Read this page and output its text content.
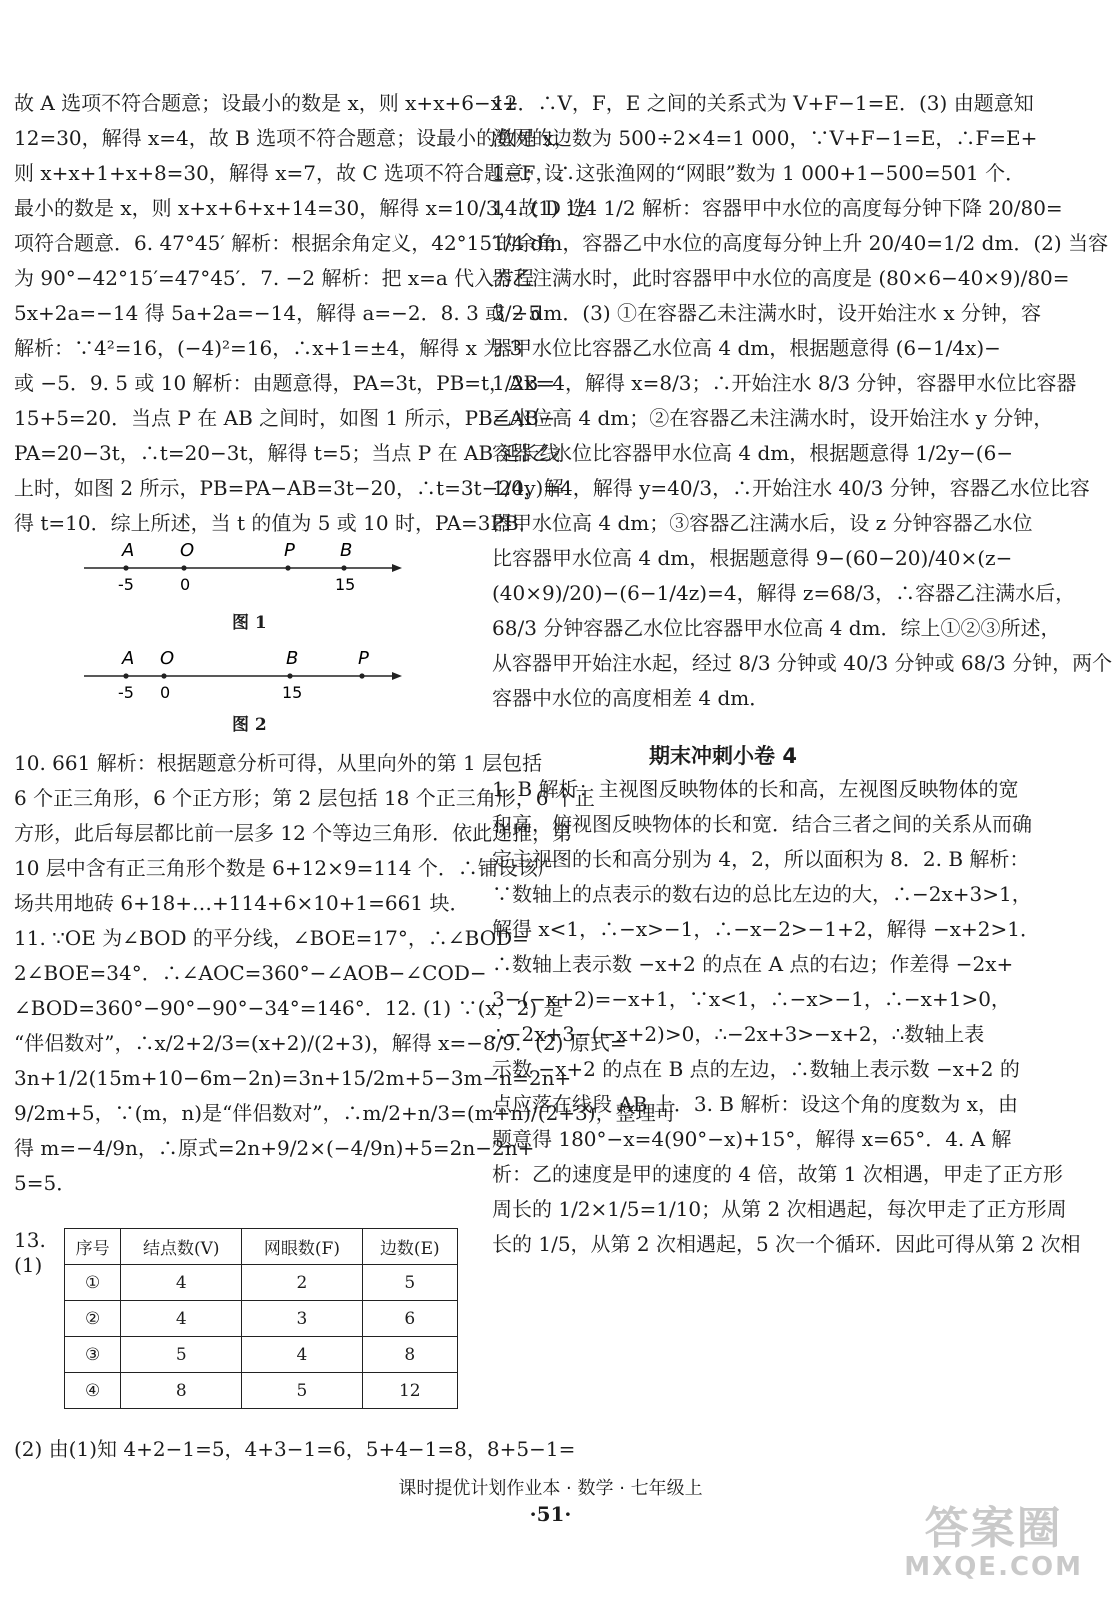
故 A 选项不符合题意；设最小的数是 x，则 x+x+6−x+
12=30，解得 x=4，故 B 选项不符合题意；设最小的数是 x，
则 x+x+1+x+8=30，解得 x=7，故 C 选项不符合题意；设
最小的数是 x，则 x+x+6+x+14=30，解得 x=10/3，故 D 选
项符合题意．6. 47°45′ 解析：根据余角定义，42°15′的余角
为 90°−42°15′=47°45′．7. −2 解析：把 x=a 代入方程
5x+2a=−14 得 5a+2a=−14，解得 a=−2．8. 3 或 −5
解析：∵4²=16，(−4)²=16，∴x+1=±4，解得 x 为 3
或 −5．9. 5 或 10 解析：由题意得，PA=3t，PB=t，AB=
15+5=20．当点 P 在 AB 之间时，如图 1 所示，PB=AB−
PA=20−3t，∴t=20−3t，解得 t=5；当点 P 在 AB 延长线
上时，如图 2 所示，PB=PA−AB=3t−20，∴t=3t−20，解
得 t=10．综上所述，当 t 的值为 5 或 10 时，PA=3PB．
A	O	P	B
-5	0	15
图 1
A O	B	P
-5 0	15
图 2
10. 661 解析：根据题意分析可得，从里向外的第 1 层包括
6 个正三角形，6 个正方形；第 2 层包括 18 个正三角形，6 个正
方形，此后每层都比前一层多 12 个等边三角形．依此递推，第
10 层中含有正三角形个数是 6+12×9=114 个．∴铺设该广
场共用地砖 6+18+…+114+6×10+1=661 块．
11. ∵OE 为∠BOD 的平分线，∠BOE=17°，∴∠BOD=
2∠BOE=34°．∴∠AOC=360°−∠AOB−∠COD−
∠BOD=360°−90°−90°−34°=146°．12. (1) ∵(x，2) 是
“伴侣数对”，∴x/2+2/3=(x+2)/(2+3)，解得 x=−8/9．(2) 原式=
3n+1/2(15m+10−6m−2n)=3n+15/2m+5−3m−n=2n+
9/2m+5，∵(m，n)是“伴侣数对”，∴m/2+n/3=(m+n)/(2+3)，整理可
得 m=−4/9n，∴原式=2n+9/2×(−4/9n)+5=2n−2n+
5=5．
13. (1)
序号	结点数(V)	网眼数(F)	边数(E)
①	4	2	5
②	4	3	6
③	5	4	8
④	8	5	12
(2) 由(1)知 4+2−1=5，4+3−1=6，5+4−1=8，8+5−1=
12．∴V，F，E 之间的关系式为 V+F−1=E．(3) 由题意知
渔网的边数为 500÷2×4=1 000，∵V+F−1=E，∴F=E+
1−F，∴这张渔网的“网眼”数为 1 000+1−500=501 个．
14. (1) 1/4 1/2 解析：容器甲中水位的高度每分钟下降 20/80=
1/4 dm，容器乙中水位的高度每分钟上升 20/40=1/2 dm．(2) 当容
器乙注满水时，此时容器甲中水位的高度是 (80×6−40×9)/80=
3/2 dm．(3) ①在容器乙未注满水时，设开始注水 x 分钟，容
器甲水位比容器乙水位高 4 dm，根据题意得 (6−1/4x)−
1/2x=4，解得 x=8/3；∴开始注水 8/3 分钟，容器甲水位比容器
乙水位高 4 dm；②在容器乙未注满水时，设开始注水 y 分钟，
容器乙水位比容器甲水位高 4 dm，根据题意得 1/2y−(6−
1/4y)=4，解得 y=40/3，∴开始注水 40/3 分钟，容器乙水位比容
器甲水位高 4 dm；③容器乙注满水后，设 z 分钟容器乙水位
比容器甲水位高 4 dm，根据题意得 9−(60−20)/40×(z−
(40×9)/20)−(6−1/4z)=4，解得 z=68/3，∴容器乙注满水后，
68/3 分钟容器乙水位比容器甲水位高 4 dm．综上①②③所述，
从容器甲开始注水起，经过 8/3 分钟或 40/3 分钟或 68/3 分钟，两个
容器中水位的高度相差 4 dm．
期末冲刺小卷 4
1. B 解析：主视图反映物体的长和高，左视图反映物体的宽
和高，俯视图反映物体的长和宽．结合三者之间的关系从而确
定主视图的长和高分别为 4，2，所以面积为 8．2. B 解析：
∵数轴上的点表示的数右边的总比左边的大，∴−2x+3>1，
解得 x<1，∴−x>−1，∴−x−2>−1+2，解得 −x+2>1．
∴数轴上表示数 −x+2 的点在 A 点的右边；作差得 −2x+
3−(−x+2)=−x+1，∵x<1，∴−x>−1，∴−x+1>0，
∴−2x+3−(−x+2)>0，∴−2x+3>−x+2，∴数轴上表
示数 −x+2 的点在 B 点的左边，∴数轴上表示数 −x+2 的
点应落在线段 AB 上．3. B 解析：设这个角的度数为 x，由
题意得 180°−x=4(90°−x)+15°，解得 x=65°．4. A 解
析：乙的速度是甲的速度的 4 倍，故第 1 次相遇，甲走了正方形
周长的 1/2×1/5=1/10；从第 2 次相遇起，每次甲走了正方形周
长的 1/5，从第 2 次相遇起，5 次一个循环．因此可得从第 2 次相
课时提优计划作业本 · 数学 · 七年级上
·51·	答案圈
MXQE.COM
